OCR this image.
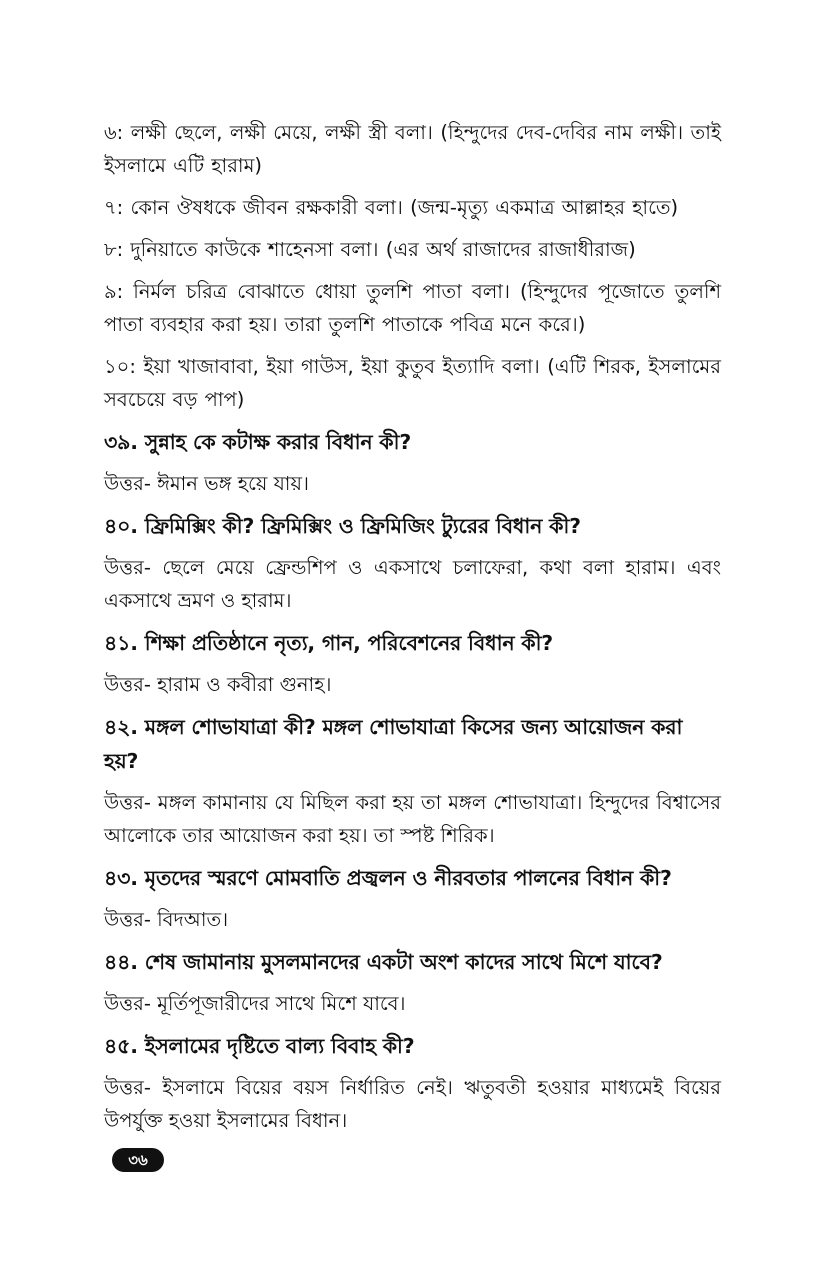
৬: লক্ষী ছেলে, লক্ষী মেয়ে, লক্ষী স্ত্রী বলা। (হিন্দুদের দেব-দেবির নাম লক্ষী। তাই ইসলামে এটি হারাম)

৭: কোন ঔষধকে জীবন রক্ষকারী বলা। (জন্ম-মৃত্যু একমাত্র আল্লাহর হাতে)

৮: দুনিয়াতে কাউকে শাহেনসা বলা। (এর অর্থ রাজাদের রাজাধীরাজ)

৯: নির্মল চরিত্র বোঝাতে ধোয়া তুলশি পাতা বলা। (হিন্দুদের পূজোতে তুলশি পাতা ব্যবহার করা হয়। তারা তুলশি পাতাকে পবিত্র মনে করে।)

১০: ইয়া খাজাবাবা, ইয়া গাউস, ইয়া কুতুব ইত্যাদি বলা। (এটি শিরক, ইসলামের সবচেয়ে বড় পাপ)

৩৯. সুন্নাহ কে কটাক্ষ করার বিধান কী?

উত্তর- ঈমান ভঙ্গ হয়ে যায়।

৪০. ফ্রিমিক্সিং কী? ফ্রিমিক্সিং ও ফ্রিমিজিং ট্যুরের বিধান কী?

উত্তর- ছেলে মেয়ে ফ্রেন্ডশিপ ও একসাথে চলাফেরা, কথা বলা হারাম। এবং একসাথে ভ্রমণ ও হারাম।

৪১. শিক্ষা প্রতিষ্ঠানে নৃত্য, গান, পরিবেশনের বিধান কী?

উত্তর- হারাম ও কবীরা গুনাহ।

৪২. মঙ্গল শোভাযাত্রা কী? মঙ্গল শোভাযাত্রা কিসের জন্য আয়োজন করা হয়?

উত্তর- মঙ্গল কামানায় যে মিছিল করা হয় তা মঙ্গল শোভাযাত্রা। হিন্দুদের বিশ্বাসের আলোকে তার আয়োজন করা হয়। তা স্পষ্ট শিরিক।

৪৩. মৃতদের স্মরণে মোমবাতি প্রজ্বলন ও নীরবতার পালনের বিধান কী?

উত্তর- বিদআত।

৪৪. শেষ জামানায় মুসলমানদের একটা অংশ কাদের সাথে মিশে যাবে?

উত্তর- মূর্তিপূজারীদের সাথে মিশে যাবে।

৪৫. ইসলামের দৃষ্টিতে বাল্য বিবাহ কী?

উত্তর- ইসলামে বিয়ের বয়স নির্ধারিত নেই। ঋতুবতী হওয়ার মাধ্যমেই বিয়ের উপর্যুক্ত হওয়া ইসলামের বিধান।

৩৬
